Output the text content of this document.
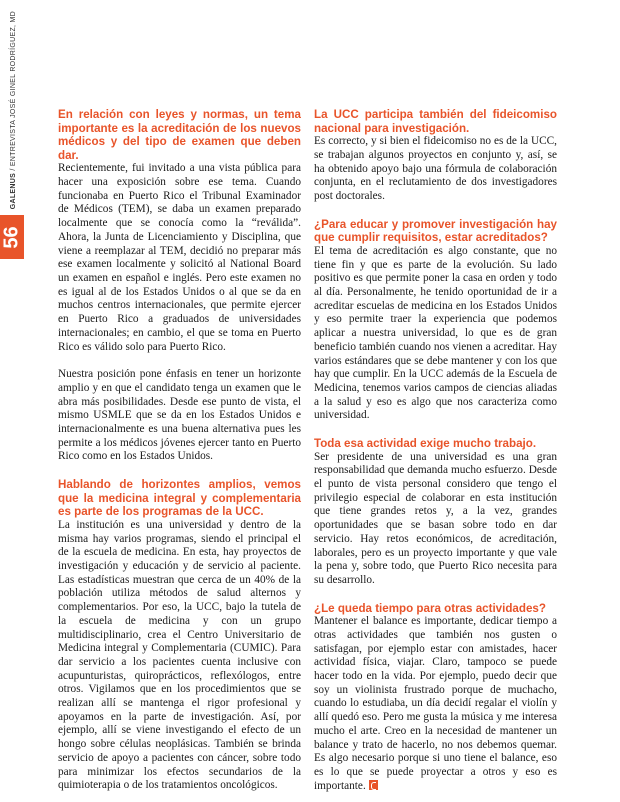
GALENUS / ENTREVISTA JOSÉ GINEL RODRÍGUEZ, MD
56
En relación con leyes y normas, un tema importante es la acreditación de los nuevos médicos y del tipo de examen que deben dar.

Recientemente, fui invitado a una vista pública para hacer una exposición sobre ese tema. Cuando funcionaba en Puerto Rico el Tribunal Examinador de Médicos (TEM), se daba un examen preparado localmente que se conocía como la “reválida”. Ahora, la Junta de Licenciamiento y Disciplina, que viene a reemplazar al TEM, decidió no preparar más ese examen localmente y solicitó al National Board un examen en español e inglés. Pero este examen no es igual al de los Estados Unidos o al que se da en muchos centros internacionales, que permite ejercer en Puerto Rico a graduados de universidades internacionales; en cambio, el que se toma en Puerto Rico es válido solo para Puerto Rico.

Nuestra posición pone énfasis en tener un horizonte amplio y en que el candidato tenga un examen que le abra más posibilidades. Desde ese punto de vista, el mismo USMLE que se da en los Estados Unidos e internacionalmente es una buena alternativa pues les permite a los médicos jóvenes ejercer tanto en Puerto Rico como en los Estados Unidos.

Hablando de horizontes amplios, vemos que la medicina integral y complementaria es parte de los programas de la UCC.

La institución es una universidad y dentro de la misma hay varios programas, siendo el principal el de la escuela de medicina. En esta, hay proyectos de investigación y educación y de servicio al paciente. Las estadísticas muestran que cerca de un 40% de la población utiliza métodos de salud alternos y complementarios. Por eso, la UCC, bajo la tutela de la escuela de medicina y con un grupo multidisciplinario, crea el Centro Universitario de Medicina integral y Complementaria (CUMIC). Para dar servicio a los pacientes cuenta inclusive con acupunturistas, quiroprácticos, reflexólogos, entre otros. Vigilamos que en los procedimientos que se realizan allí se mantenga el rigor profesional y apoyamos en la parte de investigación. Así, por ejemplo, allí se viene investigando el efecto de un hongo sobre células neoplásicas. También se brinda servicio de apoyo a pacientes con cáncer, sobre todo para minimizar los efectos secundarios de la quimioterapia o de los tratamientos oncológicos.

La UCC participa también del fideicomiso nacional para investigación.

Es correcto, y si bien el fideicomiso no es de la UCC, se trabajan algunos proyectos en conjunto y, así, se ha obtenido apoyo bajo una fórmula de colaboración conjunta, en el reclutamiento de dos investigadores post doctorales.

¿Para educar y promover investigación hay que cumplir requisitos, estar acreditados?

El tema de acreditación es algo constante, que no tiene fin y que es parte de la evolución. Su lado positivo es que permite poner la casa en orden y todo al día. Personalmente, he tenido oportunidad de ir a acreditar escuelas de medicina en los Estados Unidos y eso permite traer la experiencia que podemos aplicar a nuestra universidad, lo que es de gran beneficio también cuando nos vienen a acreditar. Hay varios estándares que se debe mantener y con los que hay que cumplir. En la UCC además de la Escuela de Medicina, tenemos varios campos de ciencias aliadas a la salud y eso es algo que nos caracteriza como universidad.

Toda esa actividad exige mucho trabajo.

Ser presidente de una universidad es una gran responsabilidad que demanda mucho esfuerzo. Desde el punto de vista personal considero que tengo el privilegio especial de colaborar en esta institución que tiene grandes retos y, a la vez, grandes oportunidades que se basan sobre todo en dar servicio. Hay retos económicos, de acreditación, laborales, pero es un proyecto importante y que vale la pena y, sobre todo, que Puerto Rico necesita para su desarrollo.

¿Le queda tiempo para otras actividades?

Mantener el balance es importante, dedicar tiempo a otras actividades que también nos gusten o satisfagan, por ejemplo estar con amistades, hacer actividad física, viajar. Claro, tampoco se puede hacer todo en la vida. Por ejemplo, puedo decir que soy un violinista frustrado porque de muchacho, cuando lo estudiaba, un día decidí regalar el violín y allí quedó eso. Pero me gusta la música y me interesa mucho el arte. Creo en la necesidad de mantener un balance y trato de hacerlo, no nos debemos quemar. Es algo necesario porque si uno tiene el balance, eso es lo que se puede proyectar a otros y eso es importante.
